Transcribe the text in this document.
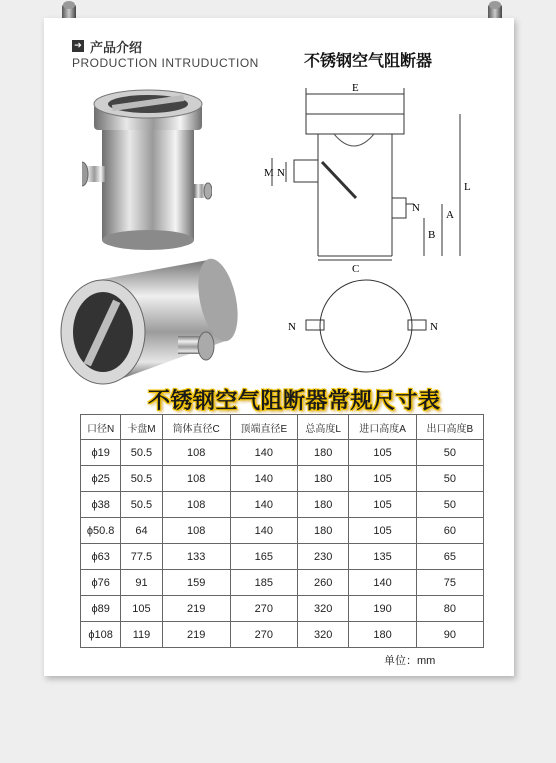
➔ 产品介绍
PRODUCTION INTRUDUCTION	不锈钢空气阻断器
E
N
M N
L
A
B
C
N	N
不锈钢空气阻断器常规尺寸表
口径N	卡盘M	筒体直径C	顶端直径E	总高度L	进口高度A	出口高度B
ϕ19	50.5	108	140	180	105	50
ϕ25	50.5	108	140	180	105	50
ϕ38	50.5	108	140	180	105	50
ϕ50.8	64	108	140	180	105	60
ϕ63	77.5	133	165	230	135	65
ϕ76	91	159	185	260	140	75
ϕ89	105	219	270	320	190	80
ϕ108	119	219	270	320	180	90
单位：mm
